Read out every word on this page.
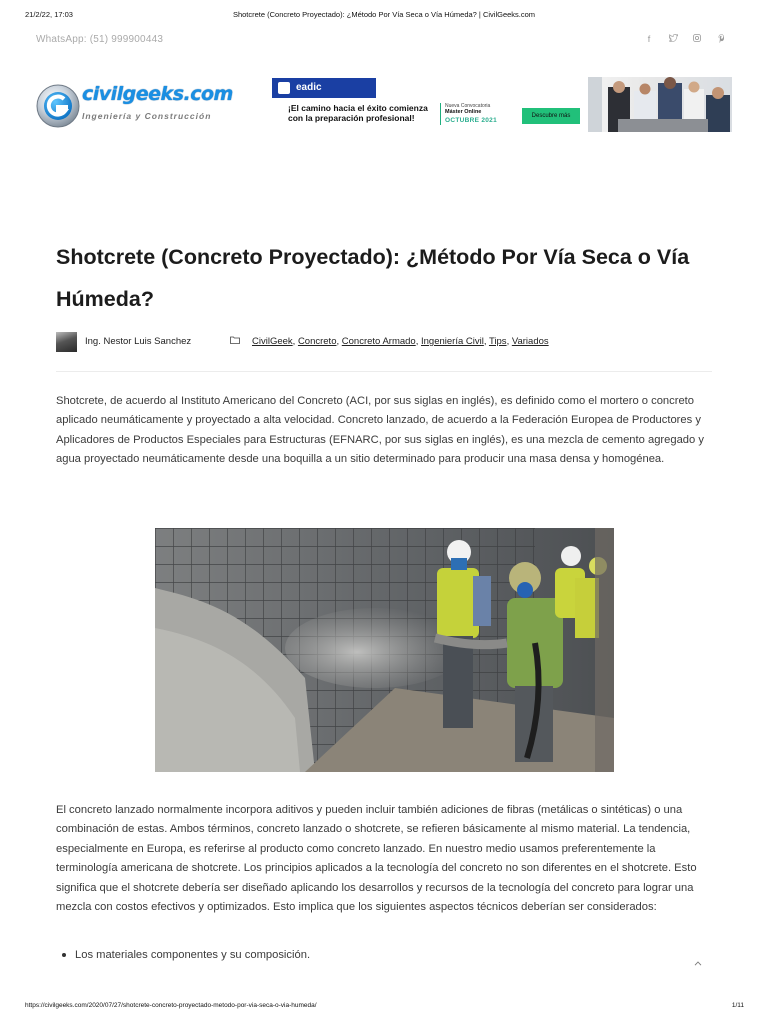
21/2/22, 17:03	Shotcrete (Concreto Proyectado): ¿Método Por Vía Seca o Vía Húmeda? | CivilGeeks.com
WhatsApp: (51) 999900443	f
civilgeeks.com
Ingeniería y Construcción
eadic
¡El camino hacia el éxito comienza
con la preparación profesional!
Nueva Convocatoria
Máster Online
OCTUBRE 2021
Descubre más
Shotcrete (Concreto Proyectado): ¿Método Por Vía Seca o Vía Húmeda?
Ing. Nestor Luis Sanchez	CivilGeek, Concreto, Concreto Armado, Ingeniería Civil, Tips, Variados

Shotcrete, de acuerdo al Instituto Americano del Concreto (ACI, por sus siglas en inglés), es definido como el mortero o concreto aplicado neumáticamente y proyectado a alta velocidad. Concreto lanzado, de acuerdo a la Federación Europea de Productores y Aplicadores de Productos Especiales para Estructuras (EFNARC, por sus siglas en inglés), es una mezcla de cemento agregado y agua proyectado neumáticamente desde una boquilla a un sitio determinado para producir una masa densa y homogénea.

El concreto lanzado normalmente incorpora aditivos y pueden incluir también adiciones de fibras (metálicas o sintéticas) o una combinación de estas. Ambos términos, concreto lanzado o shotcrete, se refieren básicamente al mismo material. La tendencia, especialmente en Europa, es referirse al producto como concreto lanzado. En nuestro medio usamos preferentemente la terminología americana de shotcrete. Los principios aplicados a la tecnología del concreto no son diferentes en el shotcrete. Esto significa que el shotcrete debería ser diseñado aplicando los desarrollos y recursos de la tecnología del concreto para lograr una mezcla con costos efectivos y optimizados. Esto implica que los siguientes aspectos técnicos deberían ser considerados:

Los materiales componentes y su composición.
https://civilgeeks.com/2020/07/27/shotcrete-concreto-proyectado-metodo-por-via-seca-o-via-humeda/	1/11
